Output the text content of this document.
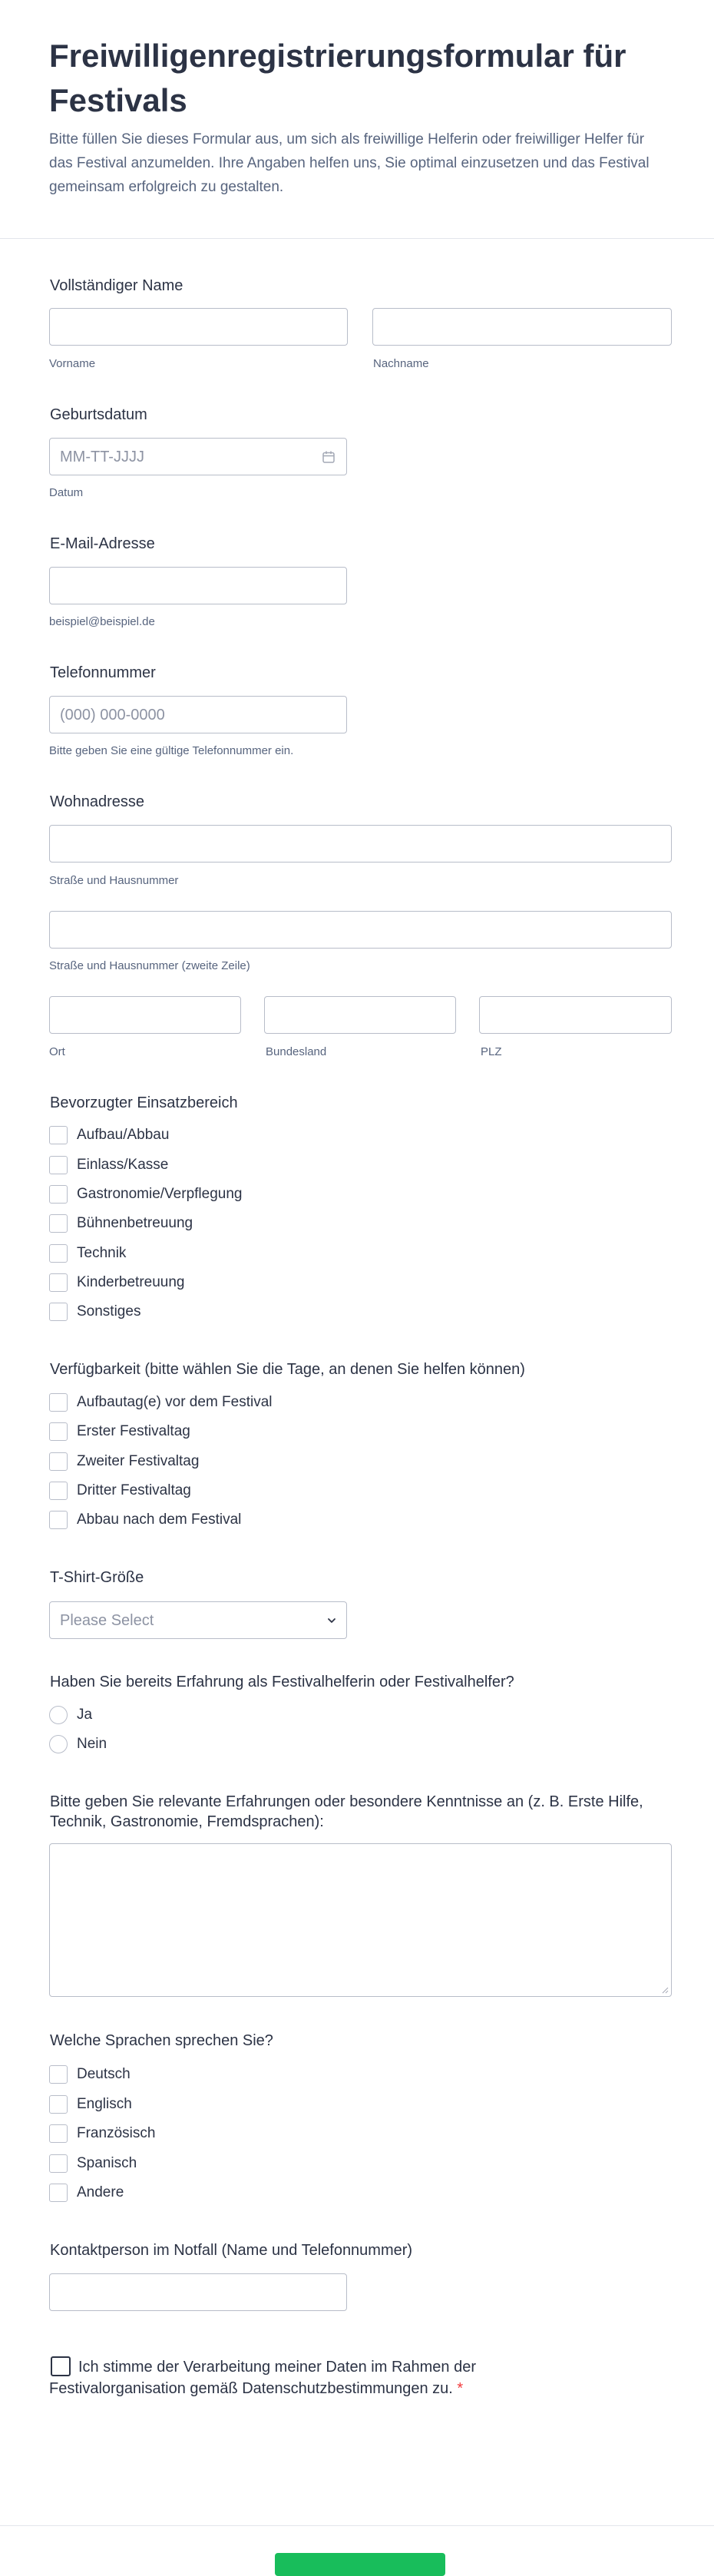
Freiwilligenregistrierungsformular für Festivals

Bitte füllen Sie dieses Formular aus, um sich als freiwillige Helferin oder freiwilliger Helfer für das Festival anzumelden. Ihre Angaben helfen uns, Sie optimal einzusetzen und das Festival gemeinsam erfolgreich zu gestalten.

Vollständiger Name
Vorname	Nachname
Geburtsdatum
MM-TT-JJJJ
Datum
E-Mail-Adresse
beispiel@beispiel.de
Telefonnummer
(000) 000-0000
Bitte geben Sie eine gültige Telefonnummer ein.
Wohnadresse
Straße und Hausnummer
Straße und Hausnummer (zweite Zeile)
Ort	Bundesland	PLZ
Bevorzugter Einsatzbereich
Aufbau/Abbau
Einlass/Kasse
Gastronomie/Verpflegung
Bühnenbetreuung
Technik
Kinderbetreuung
Sonstiges
Verfügbarkeit (bitte wählen Sie die Tage, an denen Sie helfen können)
Aufbautag(e) vor dem Festival
Erster Festivaltag
Zweiter Festivaltag
Dritter Festivaltag
Abbau nach dem Festival
T-Shirt-Größe
Please Select
Haben Sie bereits Erfahrung als Festivalhelferin oder Festivalhelfer?
Ja
Nein
Bitte geben Sie relevante Erfahrungen oder besondere Kenntnisse an (z. B. Erste Hilfe, Technik, Gastronomie, Fremdsprachen):
Welche Sprachen sprechen Sie?
Deutsch
Englisch
Französisch
Spanisch
Andere
Kontaktperson im Notfall (Name und Telefonnummer)
Ich stimme der Verarbeitung meiner Daten im Rahmen der Festivalorganisation gemäß Datenschutzbestimmungen zu. *
